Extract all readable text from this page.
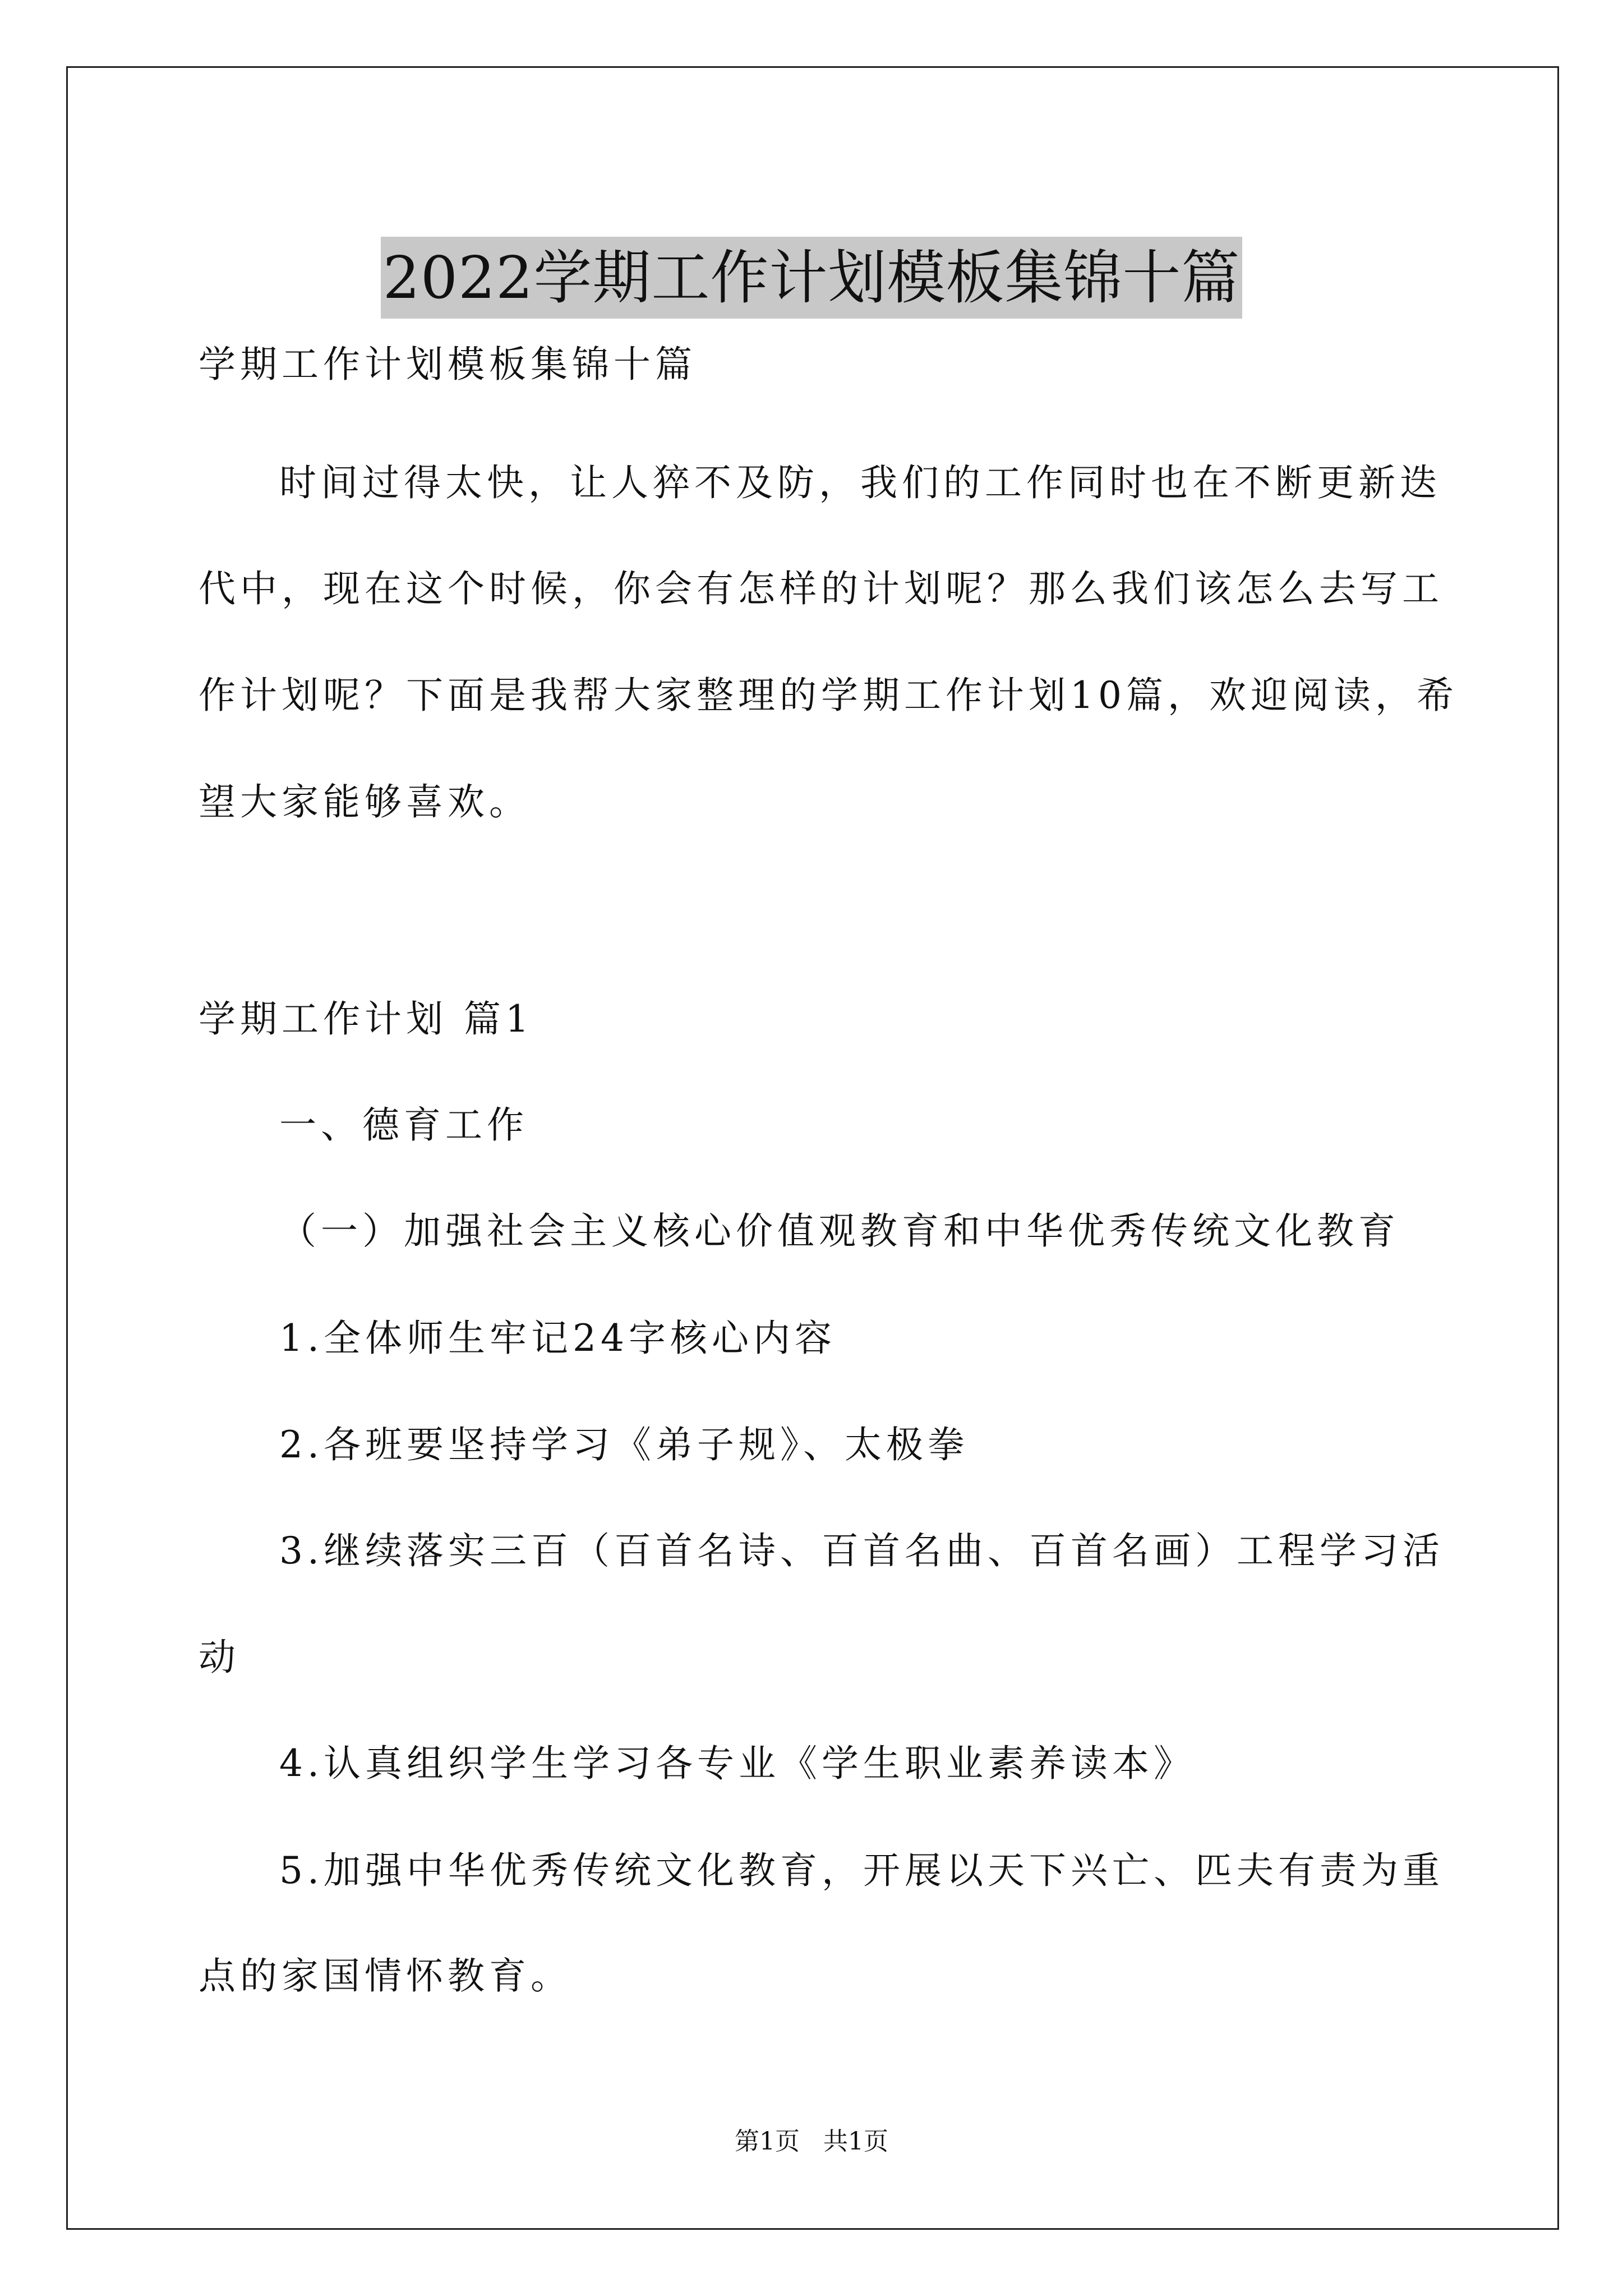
2022学期工作计划模板集锦十篇
学期工作计划模板集锦十篇
时间过得太快，让人猝不及防，我们的工作同时也在不断更新迭
代中，现在这个时候，你会有怎样的计划呢？那么我们该怎么去写工
作计划呢？下面是我帮大家整理的学期工作计划10篇，欢迎阅读，希
望大家能够喜欢。
学期工作计划 篇1
一、德育工作
（一）加强社会主义核心价值观教育和中华优秀传统文化教育
1.全体师生牢记24字核心内容
2.各班要坚持学习《弟子规》、太极拳
3.继续落实三百（百首名诗、百首名曲、百首名画）工程学习活
动
4.认真组织学生学习各专业《学生职业素养读本》
5.加强中华优秀传统文化教育，开展以天下兴亡、匹夫有责为重
点的家国情怀教育。
第1页   共1页
